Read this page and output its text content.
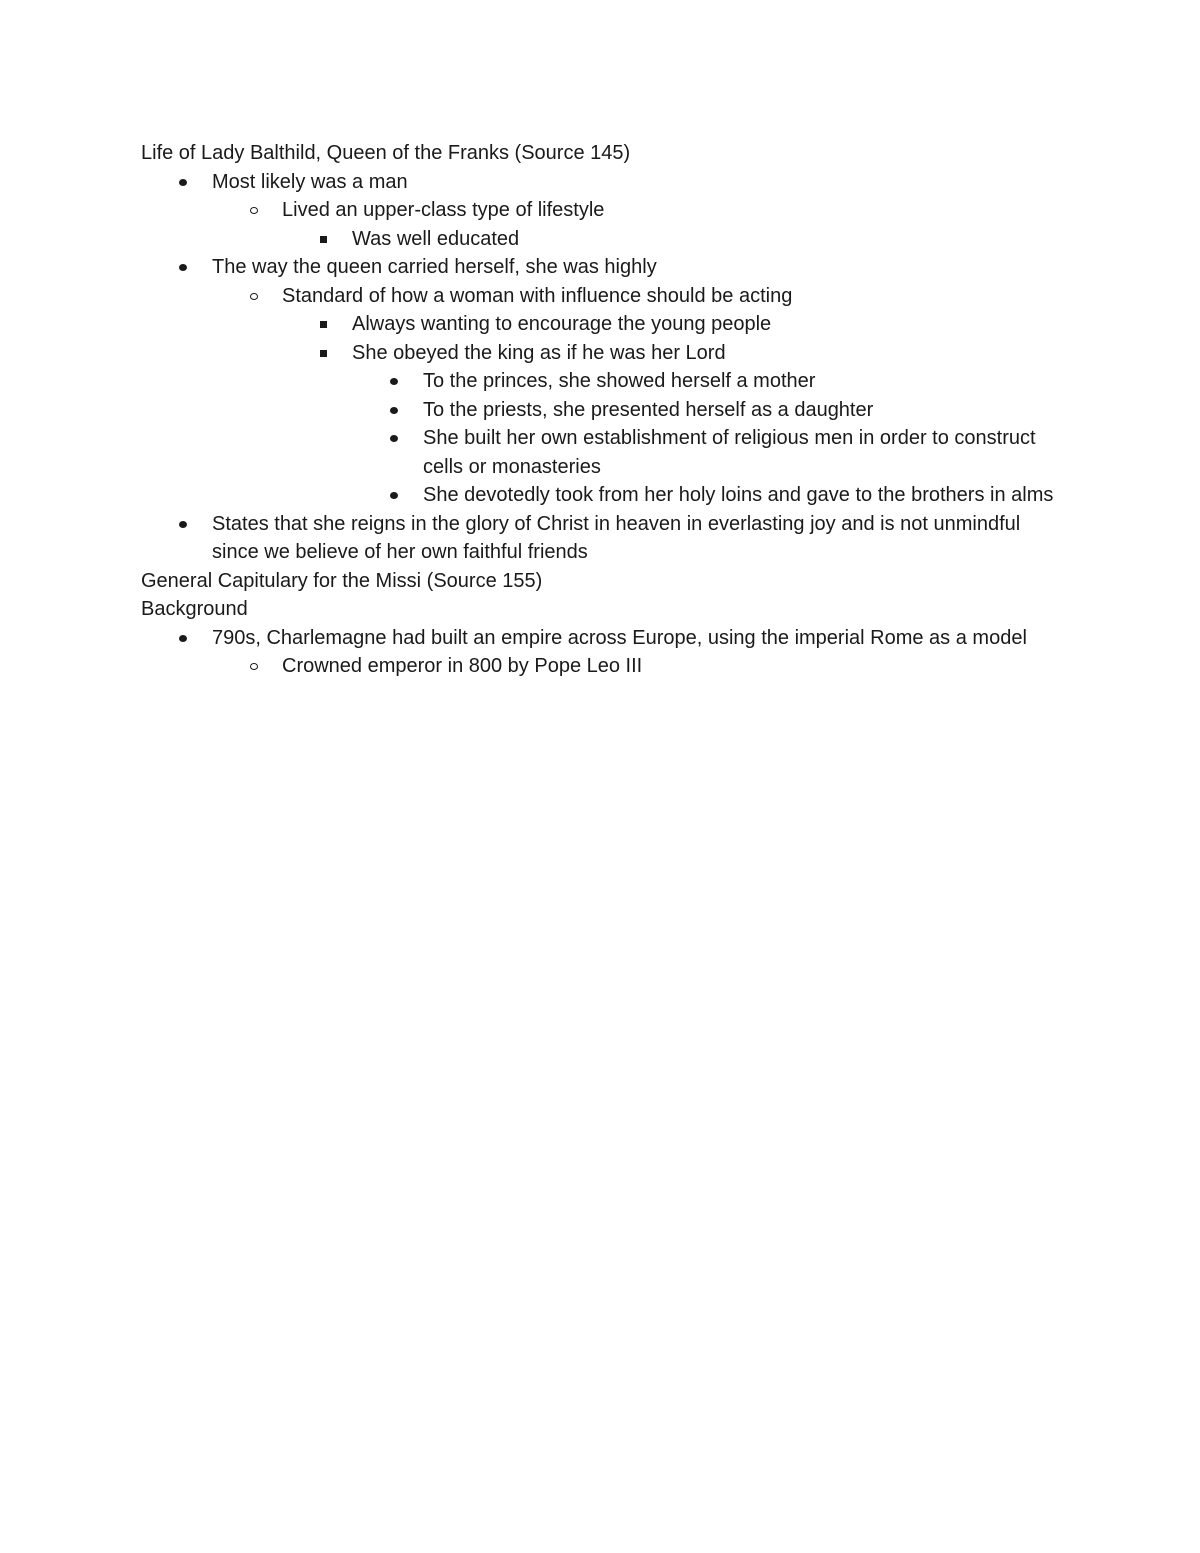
Life of Lady Balthild, Queen of the Franks (Source 145)

Most likely was a man
Lived an upper-class type of lifestyle
Was well educated
The way the queen carried herself, she was highly
Standard of how a woman with influence should be acting
Always wanting to encourage the young people
She obeyed the king as if he was her Lord
To the princes, she showed herself a mother
To the priests, she presented herself as a daughter
She built her own establishment of religious men in order to construct cells or monasteries
She devotedly took from her holy loins and gave to the brothers in alms
States that she reigns in the glory of Christ in heaven in everlasting joy and is not unmindful since we believe of her own faithful friends

General Capitulary for the Missi (Source 155)

Background

790s, Charlemagne had built an empire across Europe, using the imperial Rome as a model
Crowned emperor in 800 by Pope Leo III
